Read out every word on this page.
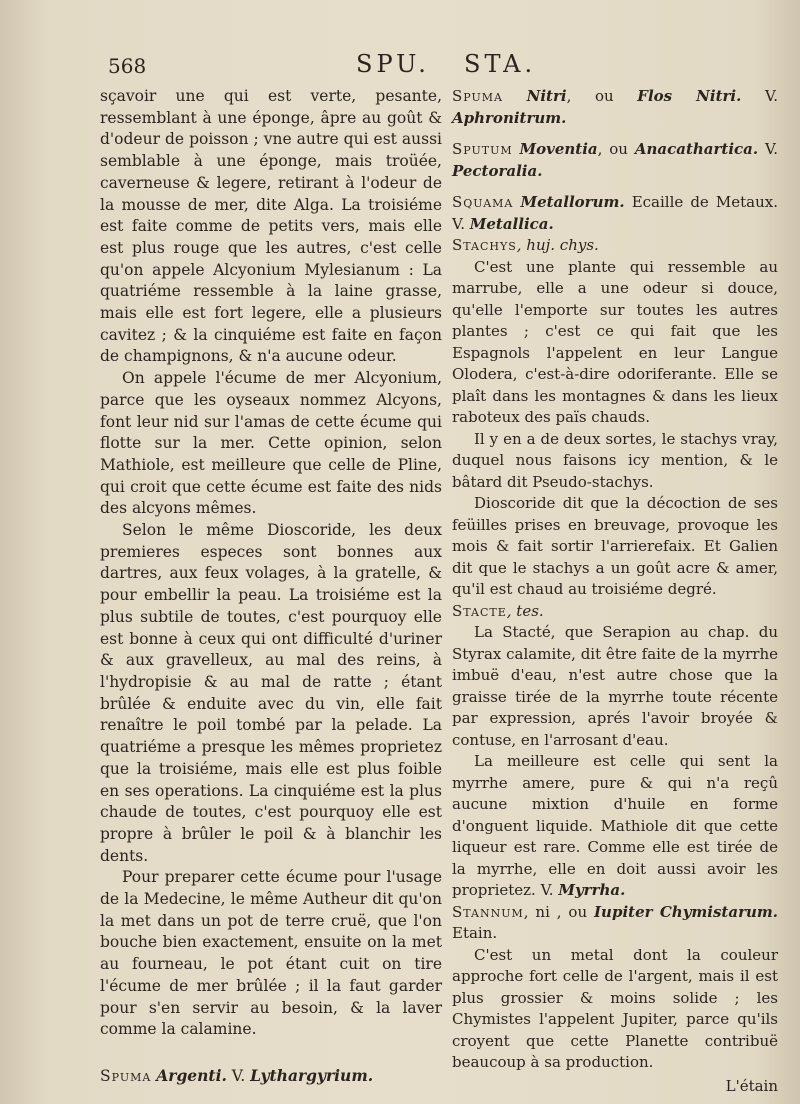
568	SPU. STA.

sçavoir une qui est verte, pesante, ressemblant à une éponge, âpre au goût & d'odeur de poisson ; vne autre qui est aussi semblable à une éponge, mais troüée, caverneuse & legere, retirant à l'odeur de la mousse de mer, dite Alga. La troisiéme est faite comme de petits vers, mais elle est plus rouge que les autres, c'est celle qu'on appele Alcyonium Mylesianum : La quatriéme ressemble à la laine grasse, mais elle est fort legere, elle a plusieurs cavitez ; & la cinquiéme est faite en façon de champignons, & n'a aucune odeur.

On appele l'écume de mer Alcyonium, parce que les oyseaux nommez Alcyons, font leur nid sur l'amas de cette écume qui flotte sur la mer. Cette opinion, selon Mathiole, est meilleure que celle de Pline, qui croit que cette écume est faite des nids des alcyons mêmes.

Selon le même Dioscoride, les deux premieres especes sont bonnes aux dartres, aux feux volages, à la gratelle, & pour embellir la peau. La troisiéme est la plus subtile de toutes, c'est pourquoy elle est bonne à ceux qui ont difficulté d'uriner & aux gravelleux, au mal des reins, à l'hydropisie & au mal de ratte ; étant brûlée & enduite avec du vin, elle fait renaître le poil tombé par la pelade. La quatriéme a presque les mêmes proprietez que la troisiéme, mais elle est plus foible en ses operations. La cinquiéme est la plus chaude de toutes, c'est pourquoy elle est propre à brûler le poil & à blanchir les dents.

Pour preparer cette écume pour l'usage de la Medecine, le même Autheur dit qu'on la met dans un pot de terre cruë, que l'on bouche bien exactement, ensuite on la met au fourneau, le pot étant cuit on tire l'écume de mer brûlée ; il la faut garder pour s'en servir au besoin, & la laver comme la calamine.

Spuma Argenti. V. Lythargyrium.

Spuma Nitri, ou Flos Nitri. V. Aphronitrum.

Sputum Moventia, ou Anacathartica. V. Pectoralia.

Squama Metallorum. Ecaille de Metaux. V. Metallica.

Stachys, huj. chys.

C'est une plante qui ressemble au marrube, elle a une odeur si douce, qu'elle l'emporte sur toutes les autres plantes ; c'est ce qui fait que les Espagnols l'appelent en leur Langue Olodera, c'est-à-dire odoriferante. Elle se plaît dans les montagnes & dans les lieux raboteux des païs chauds.

Il y en a de deux sortes, le stachys vray, duquel nous faisons icy mention, & le bâtard dit Pseudo-stachys.

Dioscoride dit que la décoction de ses feüilles prises en breuvage, provoque les mois & fait sortir l'arrierefaix. Et Galien dit que le stachys a un goût acre & amer, qu'il est chaud au troisiéme degré.

Stacte, tes.

La Stacté, que Serapion au chap. du Styrax calamite, dit être faite de la myrrhe imbuë d'eau, n'est autre chose que la graisse tirée de la myrrhe toute récente par expression, aprés l'avoir broyée & contuse, en l'arrosant d'eau.

La meilleure est celle qui sent la myrrhe amere, pure & qui n'a reçû aucune mixtion d'huile en forme d'onguent liquide. Mathiole dit que cette liqueur est rare. Comme elle est tirée de la myrrhe, elle en doit aussi avoir les proprietez. V. Myrrha.

Stannum, ni , ou Iupiter Chymistarum. Etain.

C'est un metal dont la couleur approche fort celle de l'argent, mais il est plus grossier & moins solide ; les Chymistes l'appelent Jupiter, parce qu'ils croyent que cette Planette contribuë beaucoup à sa production.

L'étain
